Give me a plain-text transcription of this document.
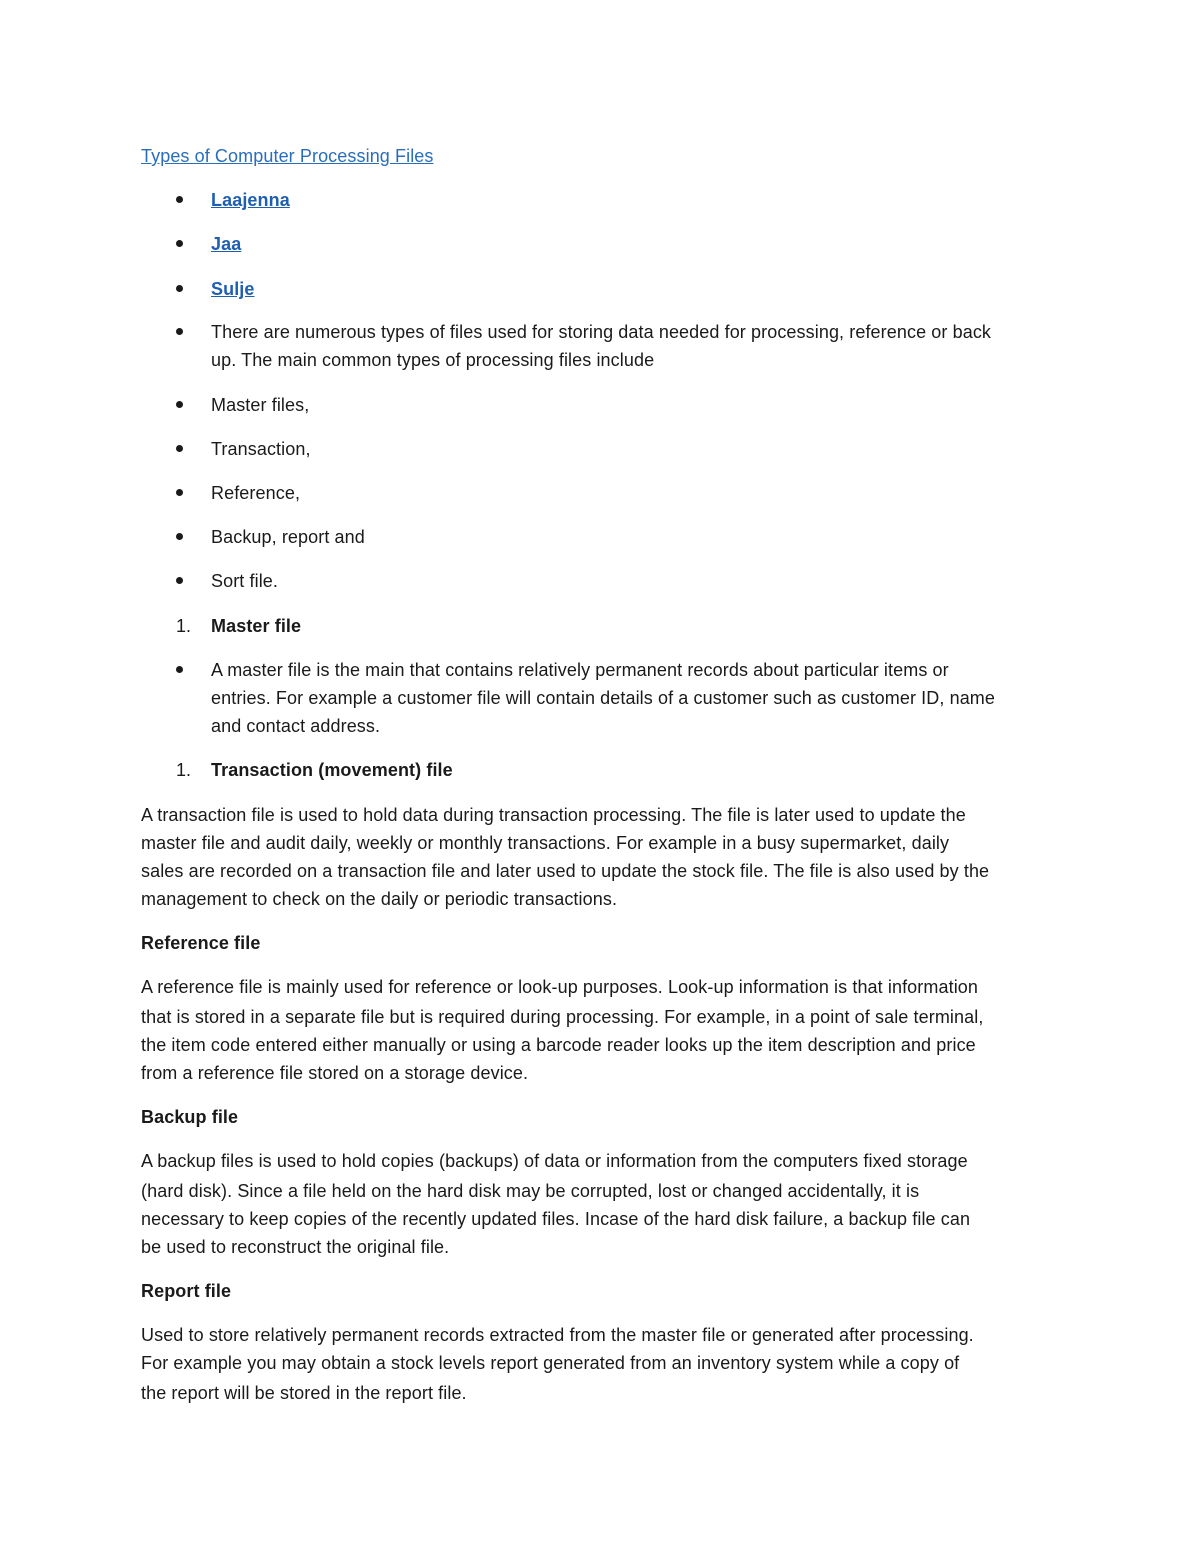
Types of Computer Processing Files
Laajenna
Jaa
Sulje
There are numerous types of files used for storing data needed for processing, reference or back
up. The main common types of processing files include
Master files,
Transaction,
Reference,
Backup, report and
Sort file.
1. Master file
A master file is the main that contains relatively permanent records about particular items or
entries. For example a customer file will contain details of a customer such as customer ID, name
and contact address.
1. Transaction (movement) file
A transaction file is used to hold data during transaction processing. The file is later used to update the
master file and audit daily, weekly or monthly transactions. For example in a busy supermarket, daily
sales are recorded on a transaction file and later used to update the stock file. The file is also used by the
management to check on the daily or periodic transactions.
Reference file
A reference file is mainly used for reference or look-up purposes. Look-up information is that information
that is stored in a separate file but is required during processing. For example, in a point of sale terminal,
the item code entered either manually or using a barcode reader looks up the item description and price
from a reference file stored on a storage device.
Backup file
A backup files is used to hold copies (backups) of data or information from the computers fixed storage
(hard disk). Since a file held on the hard disk may be corrupted, lost or changed accidentally, it is
necessary to keep copies of the recently updated files. Incase of the hard disk failure, a backup file can
be used to reconstruct the original file.
Report file
Used to store relatively permanent records extracted from the master file or generated after processing.
For example you may obtain a stock levels report generated from an inventory system while a copy of
the report will be stored in the report file.
